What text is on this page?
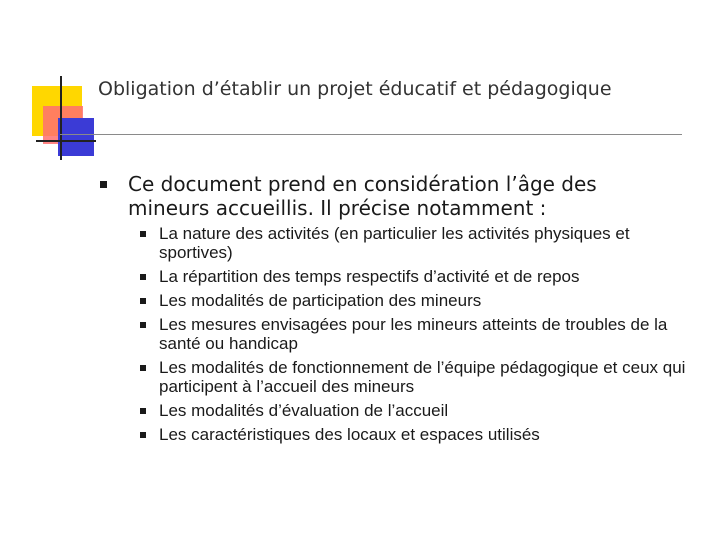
Obligation d’établir un projet éducatif et pédagogique
Ce document prend en considération l’âge des mineurs accueillis. Il précise notamment :
La nature des activités (en particulier les activités physiques et sportives)
La répartition des temps respectifs d’activité et de repos
Les modalités de participation des mineurs
Les mesures envisagées pour les mineurs atteints de troubles de la santé ou handicap
Les modalités de fonctionnement de l’équipe pédagogique et ceux qui participent à l’accueil des mineurs
Les modalités d’évaluation de l’accueil
Les caractéristiques des locaux et espaces utilisés
